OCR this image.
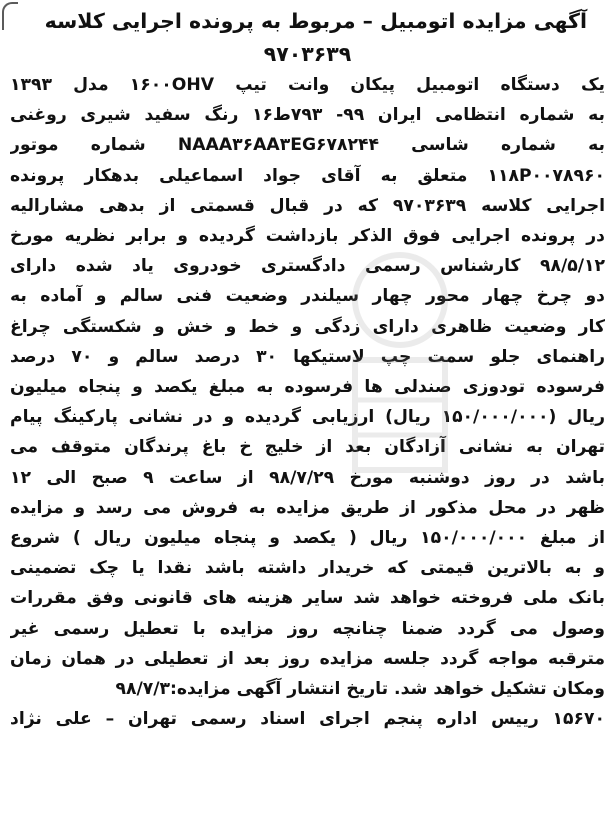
آگهی مزایده اتومبیل – مربوط به پرونده اجرایی کلاسه

۹۷۰۳۶۳۹

یک دستگاه اتومبیل پیکان وانت تیپ ۱۶۰۰OHV مدل ۱۳۹۳

به شماره انتظامی ایران ۹۹- ۷۹۳ط۱۶ رنگ سفید شیری روغنی

به شماره شاسی NAAA۳۶AA۳EG۶۷۸۲۴۴ شماره موتور

۱۱۸P۰۰۷۸۹۶۰ متعلق به آقای جواد اسماعیلی بدهکار پرونده

اجرایی کلاسه ۹۷۰۳۶۳۹ که در قبال قسمتی از بدهی مشارالیه

در پرونده اجرایی فوق الذکر بازداشت گردیده و برابر نظریه مورخ

۹۸/۵/۱۲ کارشناس رسمی دادگستری خودروی یاد شده دارای

دو چرخ چهار محور چهار سیلندر وضعیت فنی سالم و آماده به

کار وضعیت ظاهری دارای زدگی و خط و خش و شکستگی چراغ

راهنمای جلو سمت چپ لاستیکها ۳۰ درصد سالم و ۷۰ درصد

فرسوده تودوزی صندلی ها فرسوده به مبلغ یکصد و پنجاه میلیون

ریال (۱۵۰/۰۰۰/۰۰۰ ریال) ارزیابی گردیده و در نشانی پارکینگ پیام

تهران به نشانی آزادگان بعد از خلیج خ باغ پرندگان متوقف می

باشد در روز دوشنبه مورخ ۹۸/۷/۲۹ از ساعت ۹ صبح الی ۱۲

ظهر در محل مذکور از طریق مزایده به فروش می رسد و مزایده

از مبلغ ۱۵۰/۰۰۰/۰۰۰ ریال ( یکصد و پنجاه میلیون ریال ) شروع

و به بالاترین قیمتی که خریدار داشته باشد نقدا یا چک تضمینی

بانک ملی فروخته خواهد شد سایر هزینه های قانونی وفق مقررات

وصول می گردد ضمنا چنانچه روز مزایده با تعطیل رسمی غیر

مترقبه مواجه گردد جلسه مزایده روز بعد از تعطیلی در همان زمان

ومکان تشکیل خواهد شد. تاریخ انتشار آگهی مزایده:۹۸/۷/۳

۱۵۶۷۰ رییس اداره پنجم اجرای اسناد رسمی تهران – علی نژاد
